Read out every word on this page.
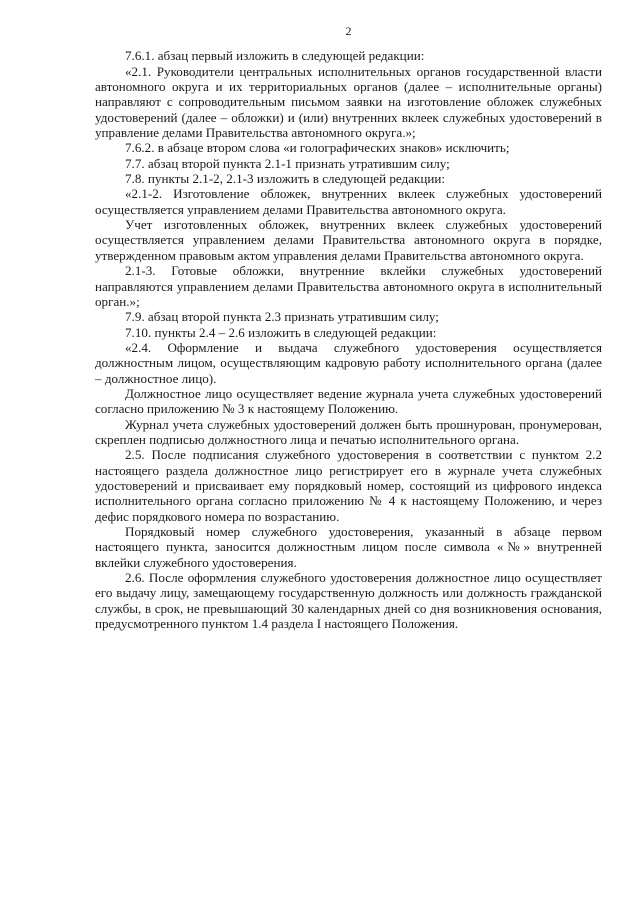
2

7.6.1. абзац первый изложить в следующей редакции:

«2.1. Руководители центральных исполнительных органов государственной власти автономного округа и их территориальных органов (далее – исполнительные органы) направляют с сопроводительным письмом заявки на изготовление обложек служебных удостоверений (далее – обложки) и (или) внутренних вклеек служебных удостоверений в управление делами Правительства автономного округа.»;

7.6.2. в абзаце втором слова «и голографических знаков» исключить;

7.7. абзац второй пункта 2.1-1 признать утратившим силу;

7.8. пункты 2.1-2, 2.1-3 изложить в следующей редакции:

«2.1-2. Изготовление обложек, внутренних вклеек служебных удостоверений осуществляется управлением делами Правительства автономного округа.

Учет изготовленных обложек, внутренних вклеек служебных удостоверений осуществляется управлением делами Правительства автономного округа в порядке, утвержденном правовым актом управления делами Правительства автономного округа.

2.1-3. Готовые обложки, внутренние вклейки служебных удостоверений направляются управлением делами Правительства автономного округа в исполнительный орган.»;

7.9. абзац второй пункта 2.3 признать утратившим силу;

7.10. пункты 2.4 – 2.6 изложить в следующей редакции:

«2.4. Оформление и выдача служебного удостоверения осуществляется должностным лицом, осуществляющим кадровую работу исполнительного органа (далее – должностное лицо).

Должностное лицо осуществляет ведение журнала учета служебных удостоверений согласно приложению № 3 к настоящему Положению.

Журнал учета служебных удостоверений должен быть прошнурован, пронумерован, скреплен подписью должностного лица и печатью исполнительного органа.

2.5. После подписания служебного удостоверения в соответствии с пунктом 2.2 настоящего раздела должностное лицо регистрирует его в журнале учета служебных удостоверений и присваивает ему порядковый номер, состоящий из цифрового индекса исполнительного органа согласно приложению № 4 к настоящему Положению, и через дефис порядкового номера по возрастанию.

Порядковый номер служебного удостоверения, указанный в абзаце первом настоящего пункта, заносится должностным лицом после символа «№» внутренней вклейки служебного удостоверения.

2.6. После оформления служебного удостоверения должностное лицо осуществляет его выдачу лицу, замещающему государственную должность или должность гражданской службы, в срок, не превышающий 30 календарных дней со дня возникновения основания, предусмотренного пунктом 1.4 раздела I настоящего Положения.
